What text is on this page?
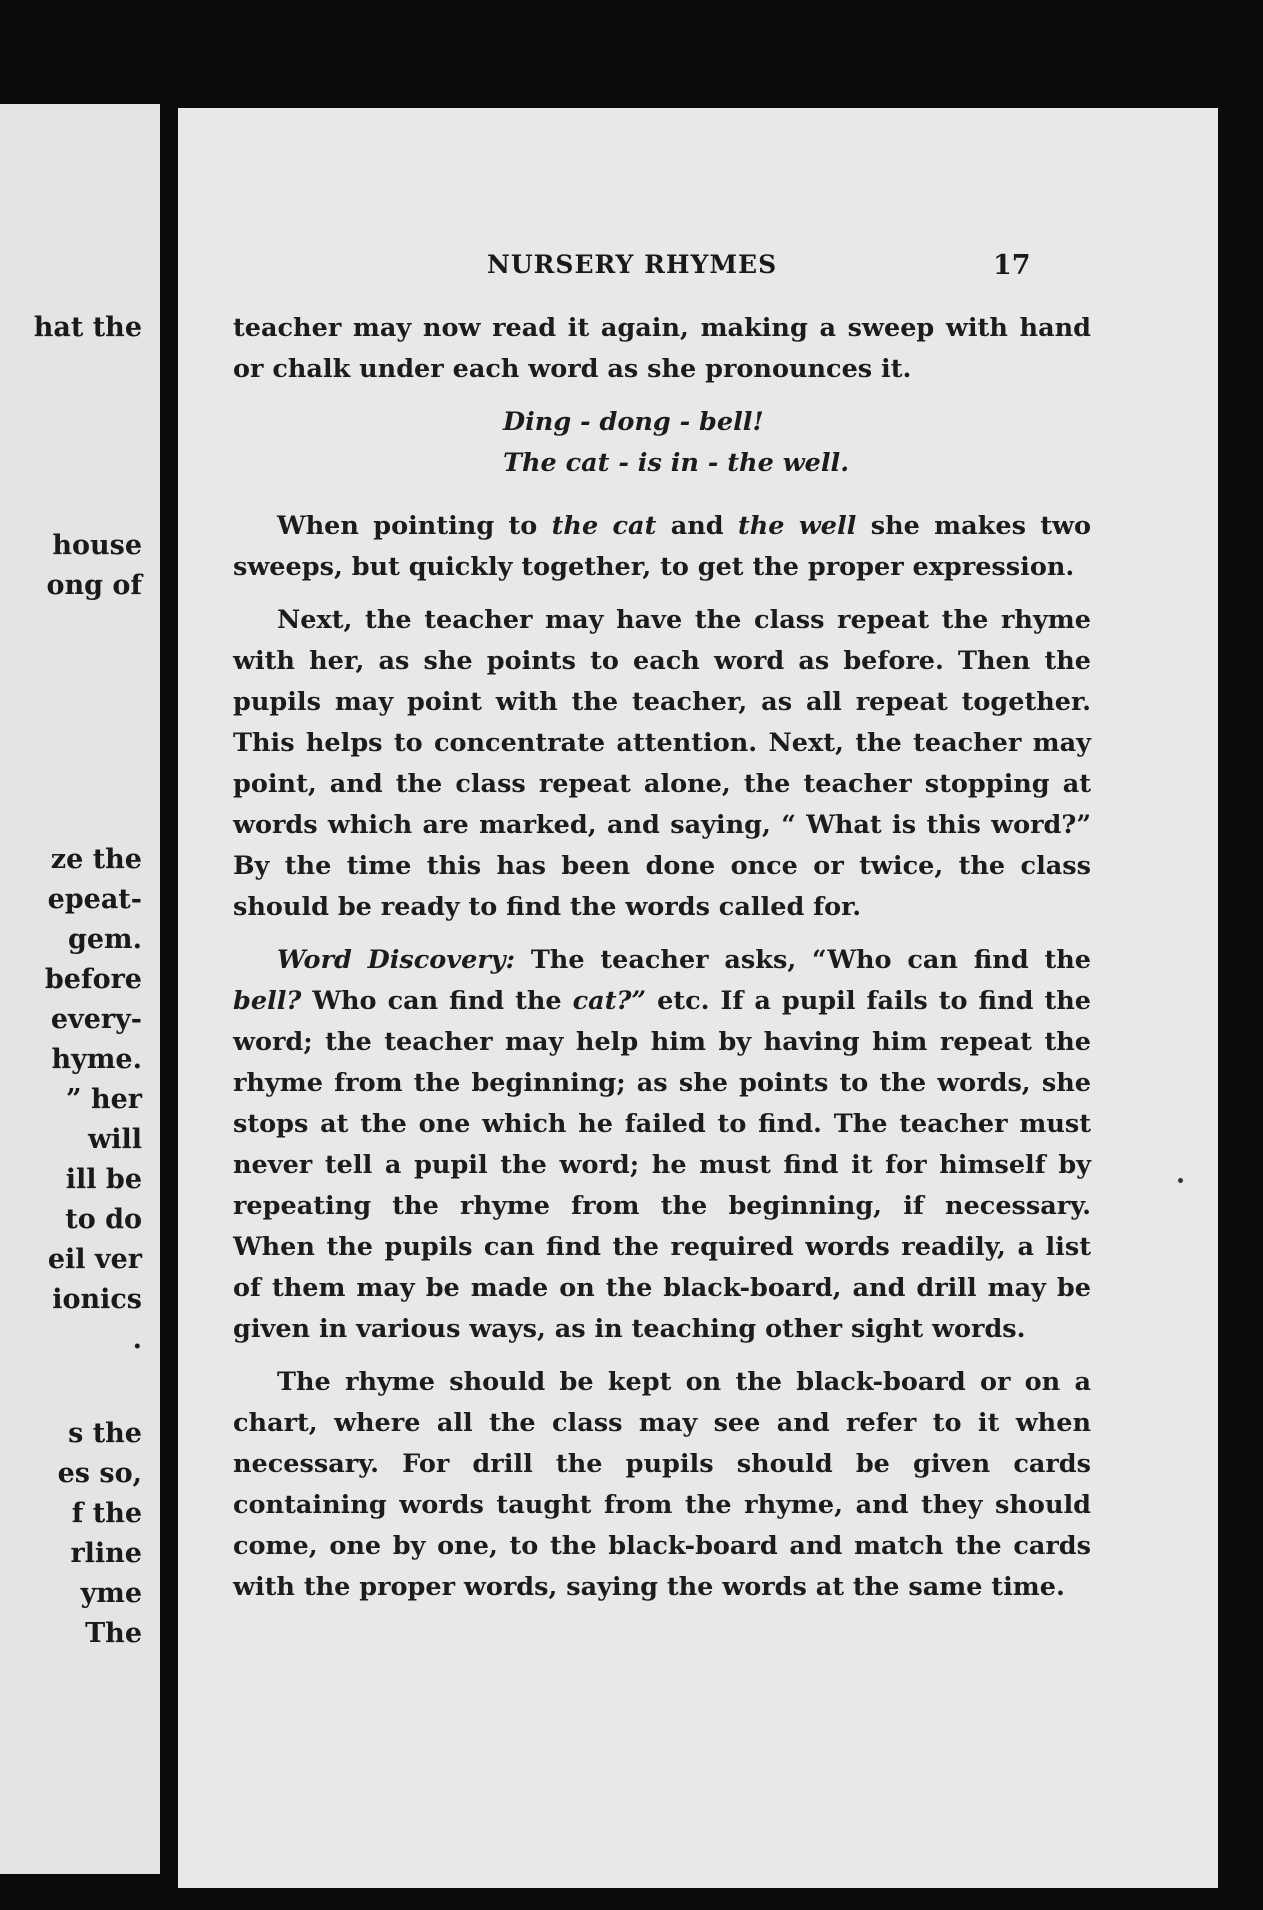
hat the
house
ong of
ze the
epeat-
gem.
before
every-
hyme.
” her
will
ill be
to do
eil ver
ionics
.
s the
es so,
f the
rline
yme
The
NURSERY RHYMES	17

teacher may now read it again, making a sweep with hand or chalk under each word as she pronounces it.

Ding - dong - bell!
The cat - is in - the well.

When pointing to the cat and the well she makes two sweeps, but quickly together, to get the proper expression.

Next, the teacher may have the class repeat the rhyme with her, as she points to each word as before. Then the pupils may point with the teacher, as all repeat together. This helps to concentrate attention. Next, the teacher may point, and the class repeat alone, the teacher stopping at words which are marked, and saying, “ What is this word?” By the time this has been done once or twice, the class should be ready to find the words called for.

Word Discovery: The teacher asks, “Who can find the bell? Who can find the cat?” etc. If a pupil fails to find the word; the teacher may help him by having him repeat the rhyme from the beginning; as she points to the words, she stops at the one which he failed to find. The teacher must never tell a pupil the word; he must find it for himself by repeating the rhyme from the beginning, if necessary. When the pupils can find the required words readily, a list of them may be made on the black-board, and drill may be given in various ways, as in teaching other sight words.

The rhyme should be kept on the black-board or on a chart, where all the class may see and refer to it when necessary. For drill the pupils should be given cards containing words taught from the rhyme, and they should come, one by one, to the black-board and match the cards with the proper words, saying the words at the same time.
